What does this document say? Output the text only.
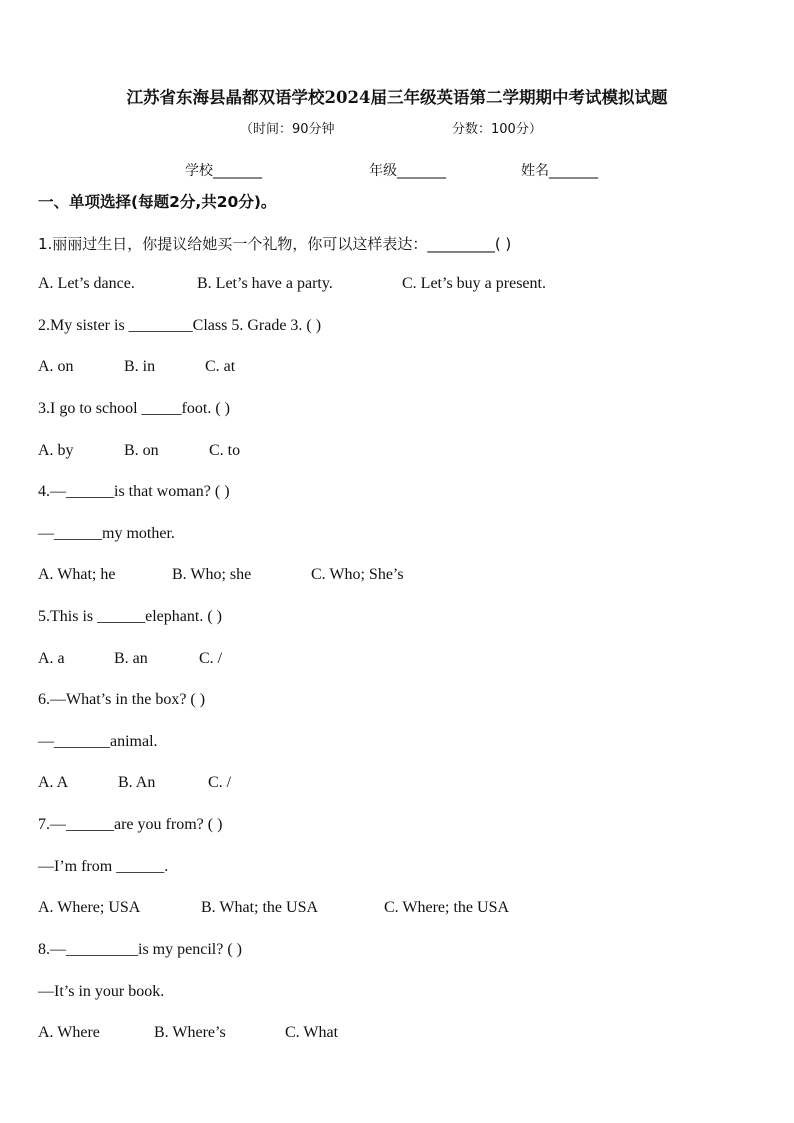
江苏省东海县晶都双语学校2024届三年级英语第二学期期中考试模拟试题
（时间：90分钟	分数：100分）
学校_______	年级_______	姓名_______
一、单项选择(每题2分,共20分)。
1.丽丽过生日，你提议给她买一个礼物，你可以这样表达：_________( )
A. Let’s dance.	B. Let’s have a party.	C. Let’s buy a present.
2.My sister is ________Class 5. Grade 3. ( )
A. on	B. in	C. at
3.I go to school _____foot. ( )
A. by	B. on	C. to
4.—______is that woman? ( )
—______my mother.
A. What; he	B. Who; she	C. Who; She’s
5.This is ______elephant. ( )
A. a	B. an	C. /
6.—What’s in the box? ( )
—_______animal.
A. A	B. An	C. /
7.—______are you from? ( )
—I’m from ______.
A. Where; USA	B. What; the USA	C. Where; the USA
8.—_________is my pencil? ( )
—It’s in your book.
A. Where	B. Where’s	C. What
